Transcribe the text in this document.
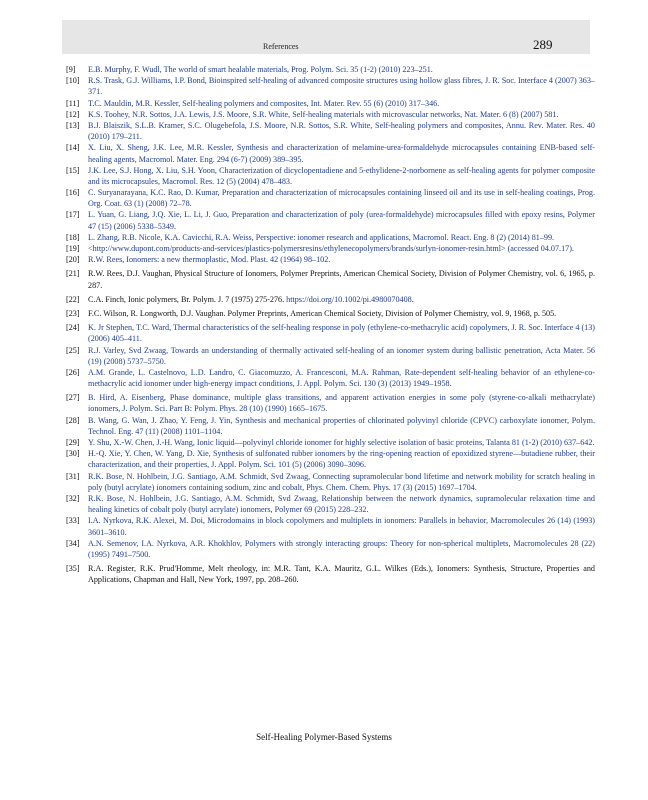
References	289
[9]	E.B. Murphy, F. Wudl, The world of smart healable materials, Prog. Polym. Sci. 35 (1-2) (2010) 223–251.
[10]	R.S. Trask, G.J. Williams, I.P. Bond, Bioinspired self-healing of advanced composite structures using hollow glass fibres, J. R. Soc. Interface 4 (2007) 363–371.
[11]	T.C. Mauldin, M.R. Kessler, Self-healing polymers and composites, Int. Mater. Rev. 55 (6) (2010) 317–346.
[12]	K.S. Toohey, N.R. Sottos, J.A. Lewis, J.S. Moore, S.R. White, Self-healing materials with microvascular networks, Nat. Mater. 6 (8) (2007) 581.
[13]	B.J. Blaiszik, S.L.B. Kramer, S.C. Olugebefola, J.S. Moore, N.R. Sottos, S.R. White, Self-healing polymers and composites, Annu. Rev. Mater. Res. 40 (2010) 179–211.
[14]	X. Liu, X. Sheng, J.K. Lee, M.R. Kessler, Synthesis and characterization of melamine-urea-formaldehyde microcapsules containing ENB-based self-healing agents, Macromol. Mater. Eng. 294 (6-7) (2009) 389–395.
[15]	J.K. Lee, S.J. Hong, X. Liu, S.H. Yoon, Characterization of dicyclopentadiene and 5-ethylidene-2-norbornene as self-healing agents for polymer composite and its microcapsules, Macromol. Res. 12 (5) (2004) 478–483.
[16]	C. Suryanarayana, K.C. Rao, D. Kumar, Preparation and characterization of microcapsules containing linseed oil and its use in self-healing coatings, Prog. Org. Coat. 63 (1) (2008) 72–78.
[17]	L. Yuan, G. Liang, J.Q. Xie, L. Li, J. Guo, Preparation and characterization of poly (urea-formaldehyde) microcapsules filled with epoxy resins, Polymer 47 (15) (2006) 5338–5349.
[18]	L. Zhang, R.B. Nicole, K.A. Cavicchi, R.A. Weiss, Perspective: ionomer research and applications, Macromol. React. Eng. 8 (2) (2014) 81–99.
[19]	<http://www.dupont.com/products-and-services/plastics-polymersresins/ethylenecopolymers/brands/surlyn-ionomer-resin.html> (accessed 04.07.17).
[20]	R.W. Rees, Ionomers: a new thermoplastic, Mod. Plast. 42 (1964) 98–102.
[21]	R.W. Rees, D.J. Vaughan, Physical Structure of Ionomers, Polymer Preprints, American Chemical Society, Division of Polymer Chemistry, vol. 6, 1965, p. 287.
[22]	C.A. Finch, Ionic polymers, Br. Polym. J. 7 (1975) 275-276. https://doi.org/10.1002/pi.4980070408.
[23]	F.C. Wilson, R. Longworth, D.J. Vaughan. Polymer Preprints, American Chemical Society, Division of Polymer Chemistry, vol. 9, 1968, p. 505.
[24]	K. Jr Stephen, T.C. Ward, Thermal characteristics of the self-healing response in poly (ethylene-co-methacrylic acid) copolymers, J. R. Soc. Interface 4 (13) (2006) 405–411.
[25]	R.J. Varley, Svd Zwaag, Towards an understanding of thermally activated self-healing of an ionomer system during ballistic penetration, Acta Mater. 56 (19) (2008) 5737–5750.
[26]	A.M. Grande, L. Castelnovo, L.D. Landro, C. Giacomuzzo, A. Francesconi, M.A. Rahman, Rate-dependent self-healing behavior of an ethylene-co-methacrylic acid ionomer under high-energy impact conditions, J. Appl. Polym. Sci. 130 (3) (2013) 1949–1958.
[27]	B. Hird, A. Eisenberg, Phase dominance, multiple glass transitions, and apparent activation energies in some poly (styrene-co-alkali methacrylate) ionomers, J. Polym. Sci. Part B: Polym. Phys. 28 (10) (1990) 1665–1675.
[28]	B. Wang, G. Wan, J. Zhao, Y. Feng, J. Yin, Synthesis and mechanical properties of chlorinated polyvinyl chloride (CPVC) carboxylate ionomer, Polym. Technol. Eng. 47 (11) (2008) 1101–1104.
[29]	Y. Shu, X.-W. Chen, J.-H. Wang, Ionic liquid—polyvinyl chloride ionomer for highly selective isolation of basic proteins, Talanta 81 (1-2) (2010) 637–642.
[30]	H.-Q. Xie, Y. Chen, W. Yang, D. Xie, Synthesis of sulfonated rubber ionomers by the ring-opening reaction of epoxidized styrene—butadiene rubber, their characterization, and their properties, J. Appl. Polym. Sci. 101 (5) (2006) 3090–3096.
[31]	R.K. Bose, N. Hohlbein, J.G. Santiago, A.M. Schmidt, Svd Zwaag, Connecting supramolecular bond lifetime and network mobility for scratch healing in poly (butyl acrylate) ionomers containing sodium, zinc and cobalt, Phys. Chem. Chem. Phys. 17 (3) (2015) 1697–1704.
[32]	R.K. Bose, N. Hohlbein, J.G. Santiago, A.M. Schmidt, Svd Zwaag, Relationship between the network dynamics, supramolecular relaxation time and healing kinetics of cobalt poly (butyl acrylate) ionomers, Polymer 69 (2015) 228–232.
[33]	I.A. Nyrkova, R.K. Alexei, M. Doi, Microdomains in block copolymers and multiplets in ionomers: Parallels in behavior, Macromolecules 26 (14) (1993) 3601–3610.
[34]	A.N. Semenov, I.A. Nyrkova, A.R. Khokhlov, Polymers with strongly interacting groups: Theory for non-spherical multiplets, Macromolecules 28 (22) (1995) 7491–7500.
[35]	R.A. Register, R.K. Prud'Homme, Melt rheology, in: M.R. Tant, K.A. Mauritz, G.L. Wilkes (Eds.), Ionomers: Synthesis, Structure, Properties and Applications, Chapman and Hall, New York, 1997, pp. 208–260.
Self-Healing Polymer-Based Systems
